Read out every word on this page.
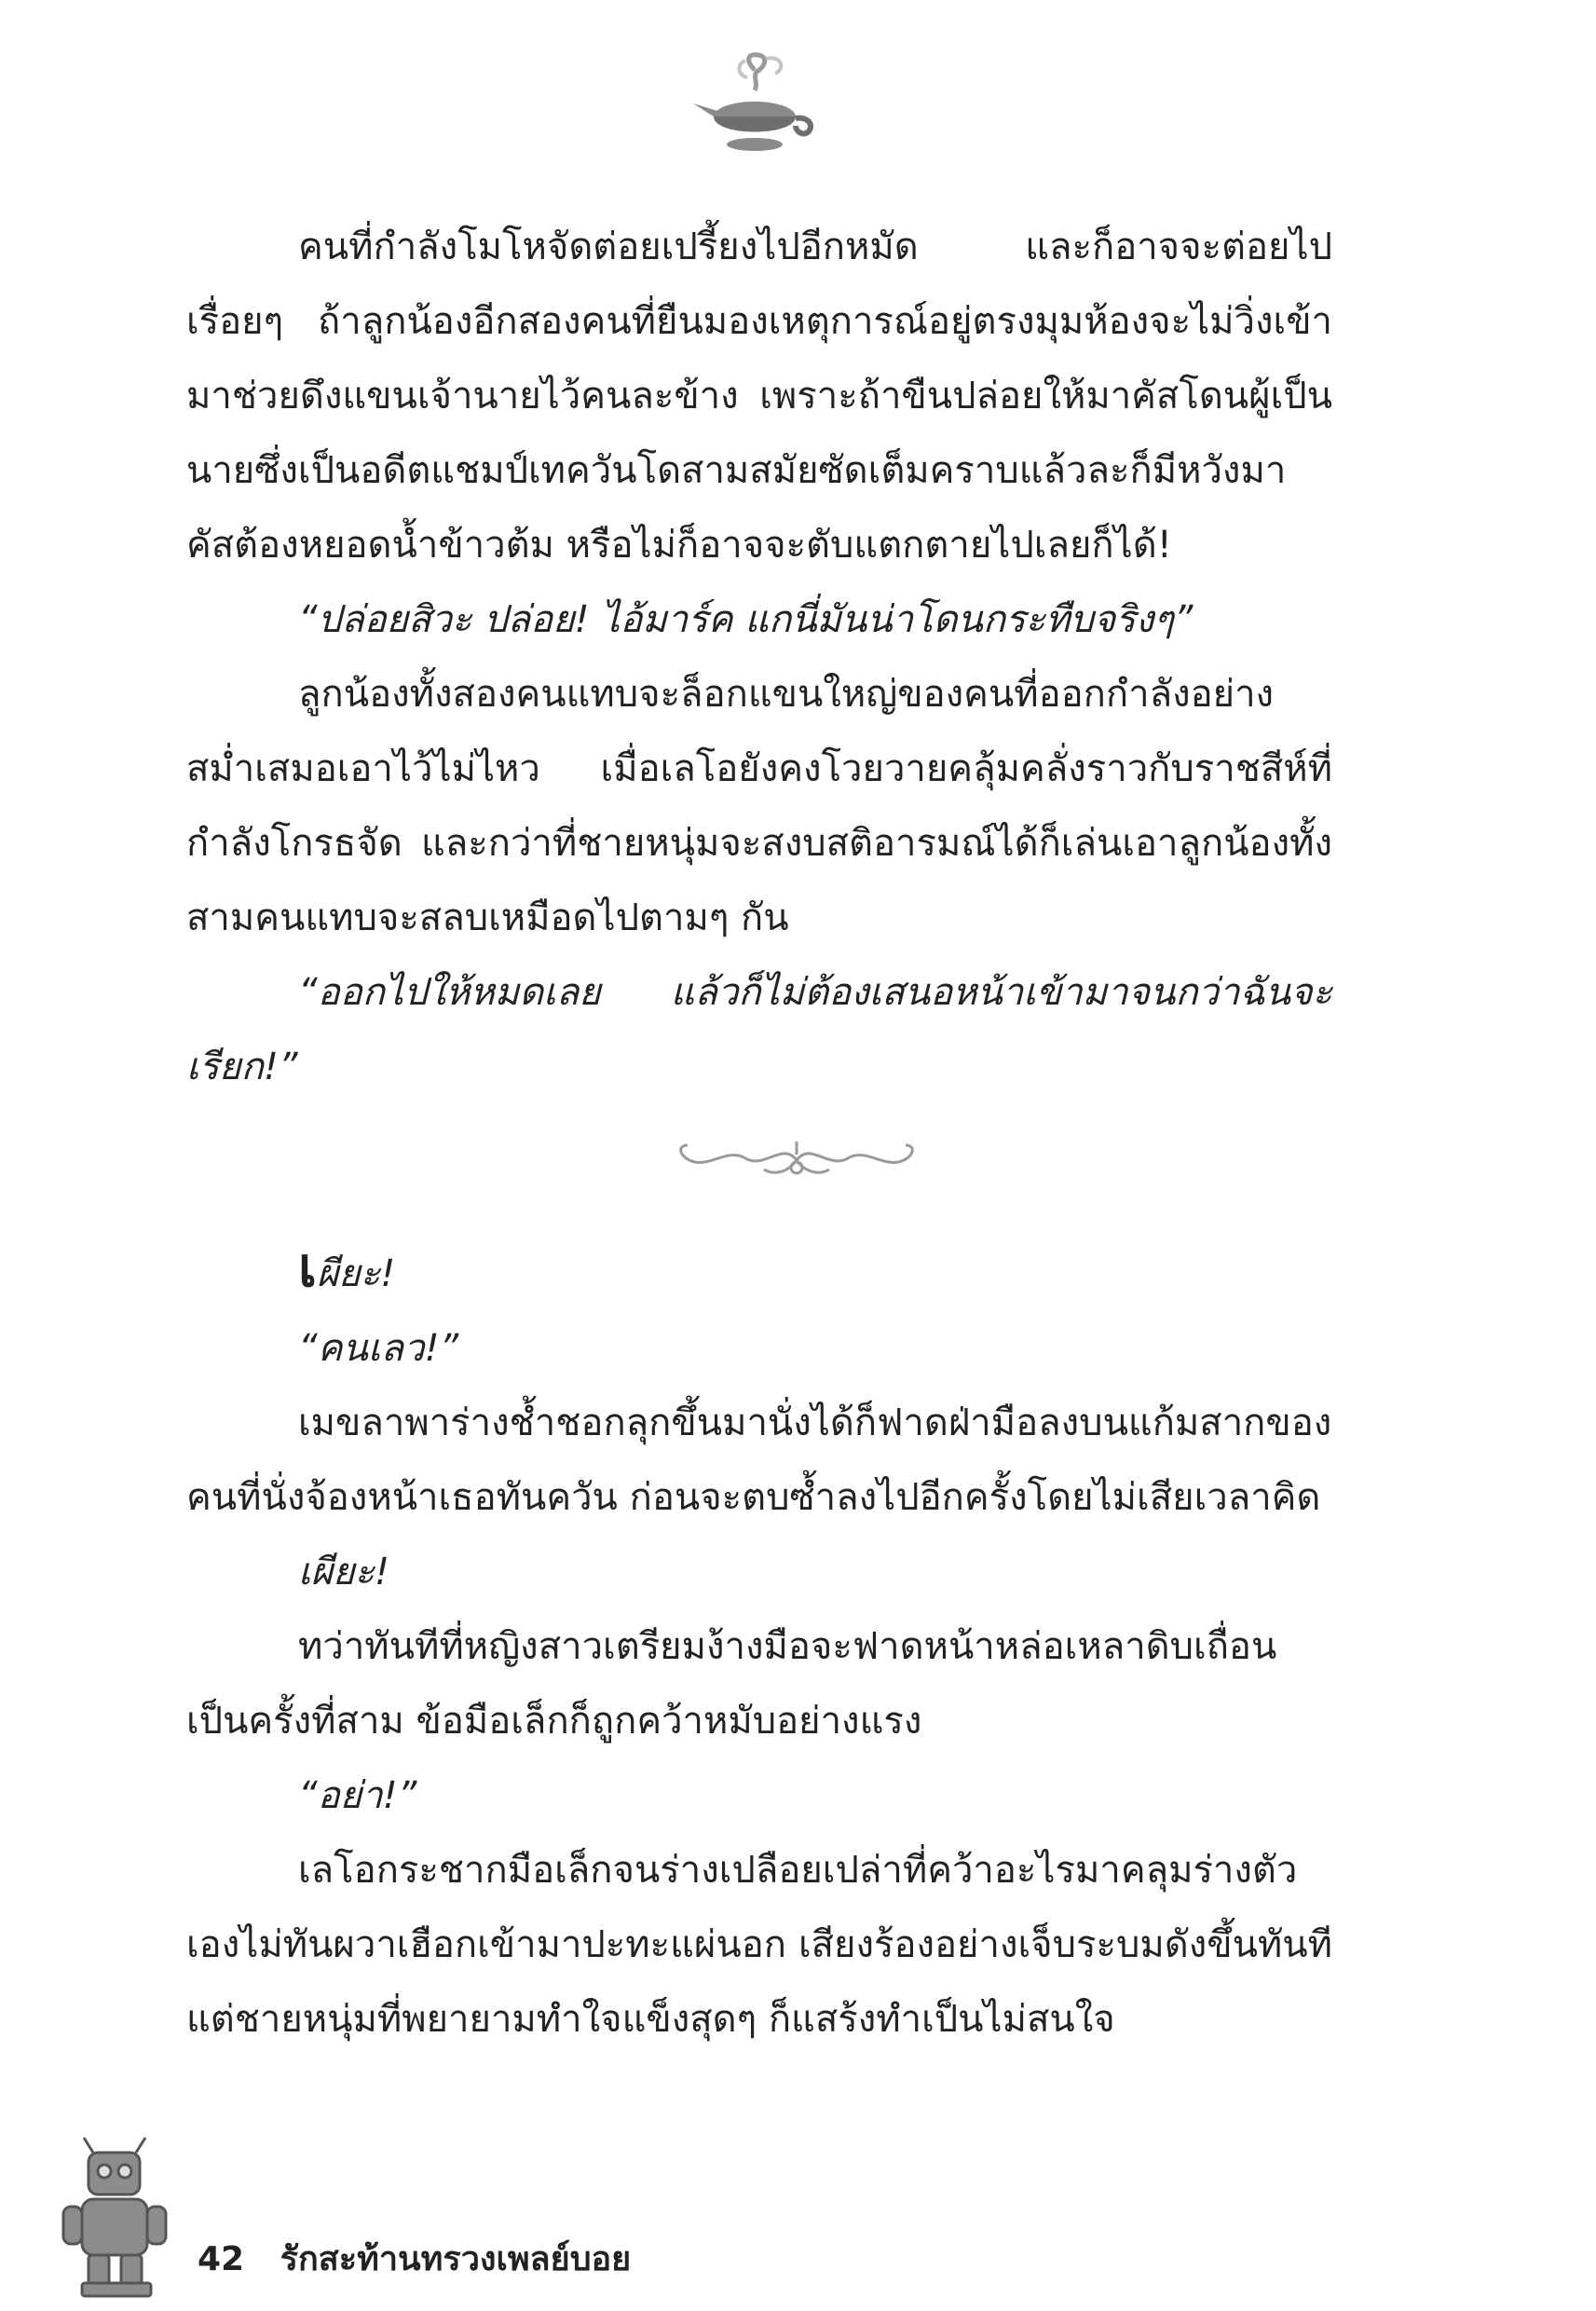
คนที่กำลังโมโหจัดต่อยเปรี้ยงไปอีกหมัด และก็อาจจะต่อยไปเรื่อยๆ ถ้าลูกน้องอีกสองคนที่ยืนมองเหตุการณ์อยู่ตรงมุมห้องจะไม่วิ่งเข้ามาช่วยดึงแขนเจ้านายไว้คนละข้าง เพราะถ้าขืนปล่อยให้มาคัสโดนผู้เป็นนายซึ่งเป็นอดีตแชมป์เทควันโดสามสมัยซัดเต็มคราบแล้วละก็มีหวังมาคัสต้องหยอดน้ำข้าวต้ม หรือไม่ก็อาจจะตับแตกตายไปเลยก็ได้!

“ปล่อยสิวะ ปล่อย! ไอ้มาร์ค แกนี่มันน่าโดนกระทืบจริงๆ”

ลูกน้องทั้งสองคนแทบจะล็อกแขนใหญ่ของคนที่ออกกำลังอย่างสม่ำเสมอเอาไว้ไม่ไหว เมื่อเลโอยังคงโวยวายคลุ้มคลั่งราวกับราชสีห์ที่กำลังโกรธจัด และกว่าที่ชายหนุ่มจะสงบสติอารมณ์ได้ก็เล่นเอาลูกน้องทั้งสามคนแทบจะสลบเหมือดไปตามๆ กัน

“ออกไปให้หมดเลย แล้วก็ไม่ต้องเสนอหน้าเข้ามาจนกว่าฉันจะเรียก!”

เผียะ!

“คนเลว!”

เมขลาพาร่างช้ำชอกลุกขึ้นมานั่งได้ก็ฟาดฝ่ามือลงบนแก้มสากของคนที่นั่งจ้องหน้าเธอทันควัน ก่อนจะตบซ้ำลงไปอีกครั้งโดยไม่เสียเวลาคิด

เผียะ!

ทว่าทันทีที่หญิงสาวเตรียมง้างมือจะฟาดหน้าหล่อเหลาดิบเถื่อนเป็นครั้งที่สาม ข้อมือเล็กก็ถูกคว้าหมับอย่างแรง

“อย่า!”

เลโอกระชากมือเล็กจนร่างเปลือยเปล่าที่คว้าอะไรมาคลุมร่างตัวเองไม่ทันผวาเฮือกเข้ามาปะทะแผ่นอก เสียงร้องอย่างเจ็บระบมดังขึ้นทันที แต่ชายหนุ่มที่พยายามทำใจแข็งสุดๆ ก็แสร้งทำเป็นไม่สนใจ

42 รักสะท้านทรวงเพลย์บอย
